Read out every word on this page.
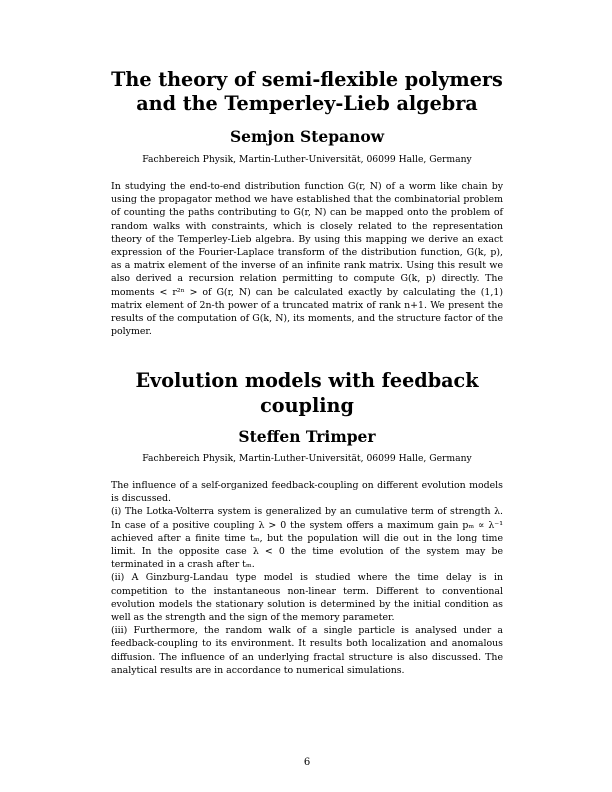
The theory of semi-flexible polymers
and the Temperley-Lieb algebra
Semjon Stepanow
Fachbereich Physik, Martin-Luther-Universität, 06099 Halle, Germany

In studying the end-to-end distribution function G(r, N) of a worm like chain by using the propagator method we have established that the combinatorial problem of counting the paths contributing to G(r, N) can be mapped onto the problem of random walks with constraints, which is closely related to the representation theory of the Temperley-Lieb algebra. By using this mapping we derive an exact expression of the Fourier-Laplace transform of the distribution function, G(k, p), as a matrix element of the inverse of an infinite rank matrix. Using this result we also derived a recursion relation permitting to compute G(k, p) directly. The moments < r²ⁿ > of G(r, N) can be calculated exactly by calculating the (1,1) matrix element of 2n-th power of a truncated matrix of rank n+1. We present the results of the computation of G(k, N), its moments, and the structure factor of the polymer.

Evolution models with feedback
coupling
Steffen Trimper
Fachbereich Physik, Martin-Luther-Universität, 06099 Halle, Germany

The influence of a self-organized feedback-coupling on different evolution models is discussed.

(i) The Lotka-Volterra system is generalized by an cumulative term of strength λ. In case of a positive coupling λ > 0 the system offers a maximum gain pₘ ∝ λ⁻¹ achieved after a finite time tₘ, but the population will die out in the long time limit. In the opposite case λ < 0 the time evolution of the system may be terminated in a crash after tₘ.

(ii) A Ginzburg-Landau type model is studied where the time delay is in competition to the instantaneous non-linear term. Different to conventional evolution models the stationary solution is determined by the initial condition as well as the strength and the sign of the memory parameter.

(iii) Furthermore, the random walk of a single particle is analysed under a feedback-coupling to its environment. It results both localization and anomalous diffusion. The influence of an underlying fractal structure is also discussed. The analytical results are in accordance to numerical simulations.

6
